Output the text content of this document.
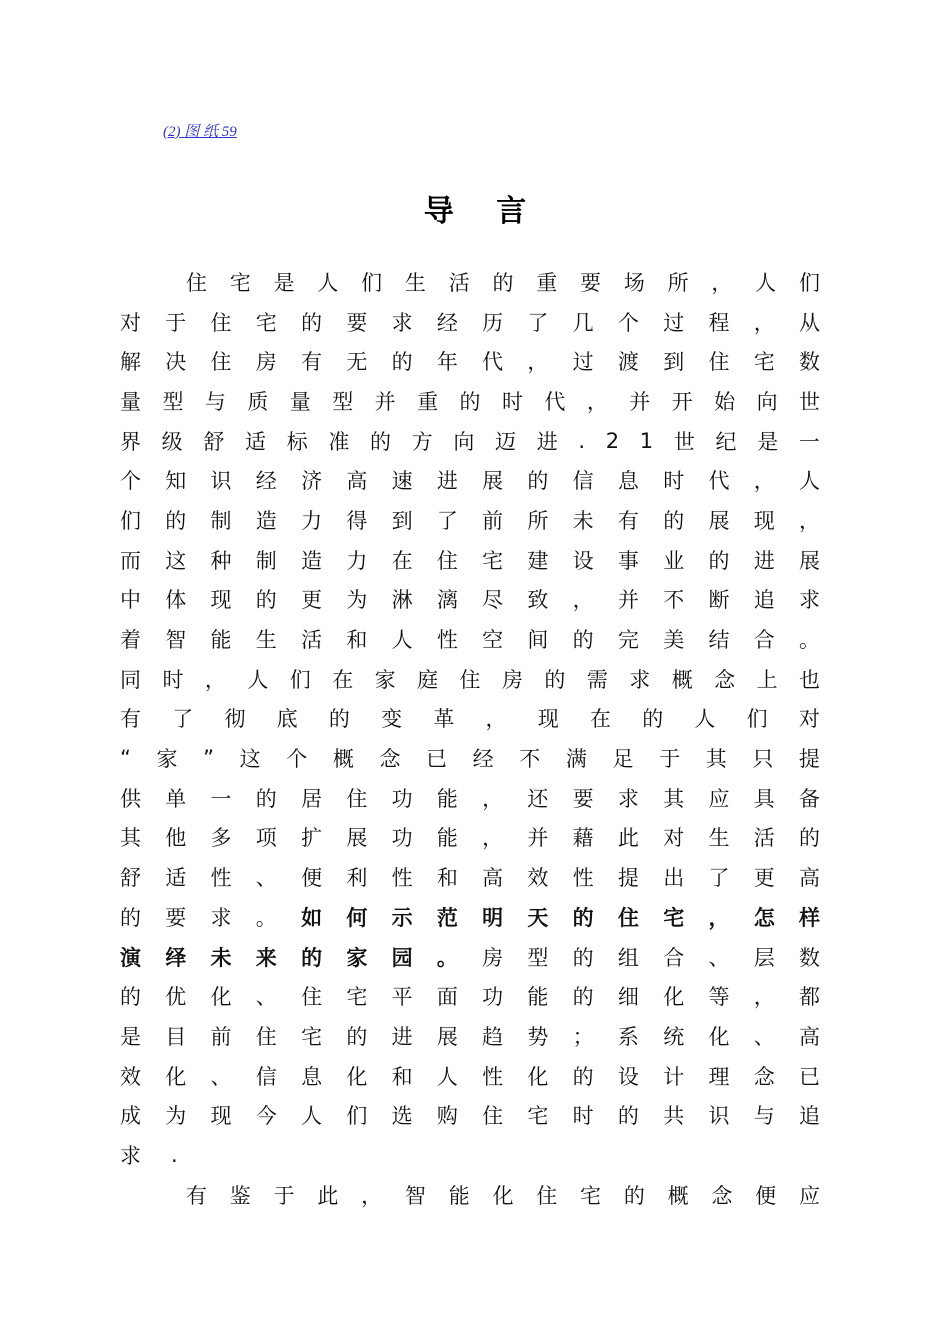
(2) 图 纸 59
导 言
住 宅 是 人 们 生 活 的 重 要 场 所 ， 人 们
对 于 住 宅 的 要 求 经 历 了 几 个 过 程 ， 从
解 决 住 房 有 无 的 年 代 ， 过 渡 到 住 宅 数
量 型 与 质 量 型 并 重 的 时 代 ， 并 开 始 向 世
界 级 舒 适 标 准 的 方 向 迈 进 . 2 1 世 纪 是 一
个 知 识 经 济 高 速 进 展 的 信 息 时 代 ， 人
们 的 制 造 力 得 到 了 前 所 未 有 的 展 现 ，
而 这 种 制 造 力 在 住 宅 建 设 事 业 的 进 展
中 体 现 的 更 为 淋 漓 尽 致 ， 并 不 断 追 求
着 智 能 生 活 和 人 性 空 间 的 完 美 结 合 。
同 时 ， 人 们 在 家 庭 住 房 的 需 求 概 念 上 也
有 了 彻 底 的 变 革 ， 现 在 的 人 们 对
“ 家 ” 这 个 概 念 已 经 不 满 足 于 其 只 提
供 单 一 的 居 住 功 能 ， 还 要 求 其 应 具 备
其 他 多 项 扩 展 功 能 ， 并 藉 此 对 生 活 的
舒 适 性 、 便 利 性 和 高 效 性 提 出 了 更 高
的 要 求 。 如 何 示 范 明 天 的 住 宅 ， 怎 样
演 绎 未 来 的 家 园 。 房 型 的 组 合 、 层 数
的 优 化 、 住 宅 平 面 功 能 的 细 化 等 ， 都
是 目 前 住 宅 的 进 展 趋 势 ； 系 统 化 、 高
效 化 、 信 息 化 和 人 性 化 的 设 计 理 念 已
成 为 现 今 人 们 选 购 住 宅 时 的 共 识 与 追
求 .
有 鉴 于 此 ， 智 能 化 住 宅 的 概 念 便 应
